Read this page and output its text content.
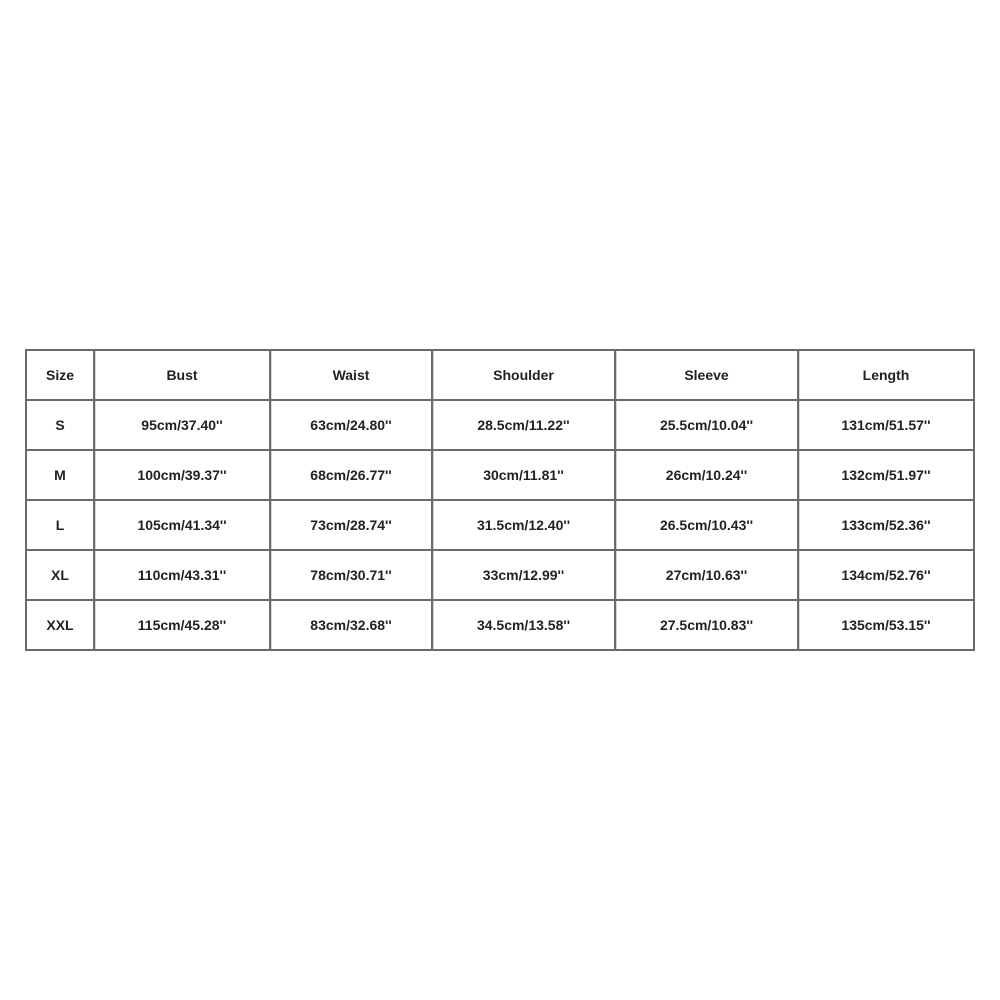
Size	Bust	Waist	Shoulder	Sleeve	Length
S	95cm/37.40''	63cm/24.80''	28.5cm/11.22''	25.5cm/10.04''	131cm/51.57''
M	100cm/39.37''	68cm/26.77''	30cm/11.81''	26cm/10.24''	132cm/51.97''
L	105cm/41.34''	73cm/28.74''	31.5cm/12.40''	26.5cm/10.43''	133cm/52.36''
XL	110cm/43.31''	78cm/30.71''	33cm/12.99''	27cm/10.63''	134cm/52.76''
XXL	115cm/45.28''	83cm/32.68''	34.5cm/13.58''	27.5cm/10.83''	135cm/53.15''
